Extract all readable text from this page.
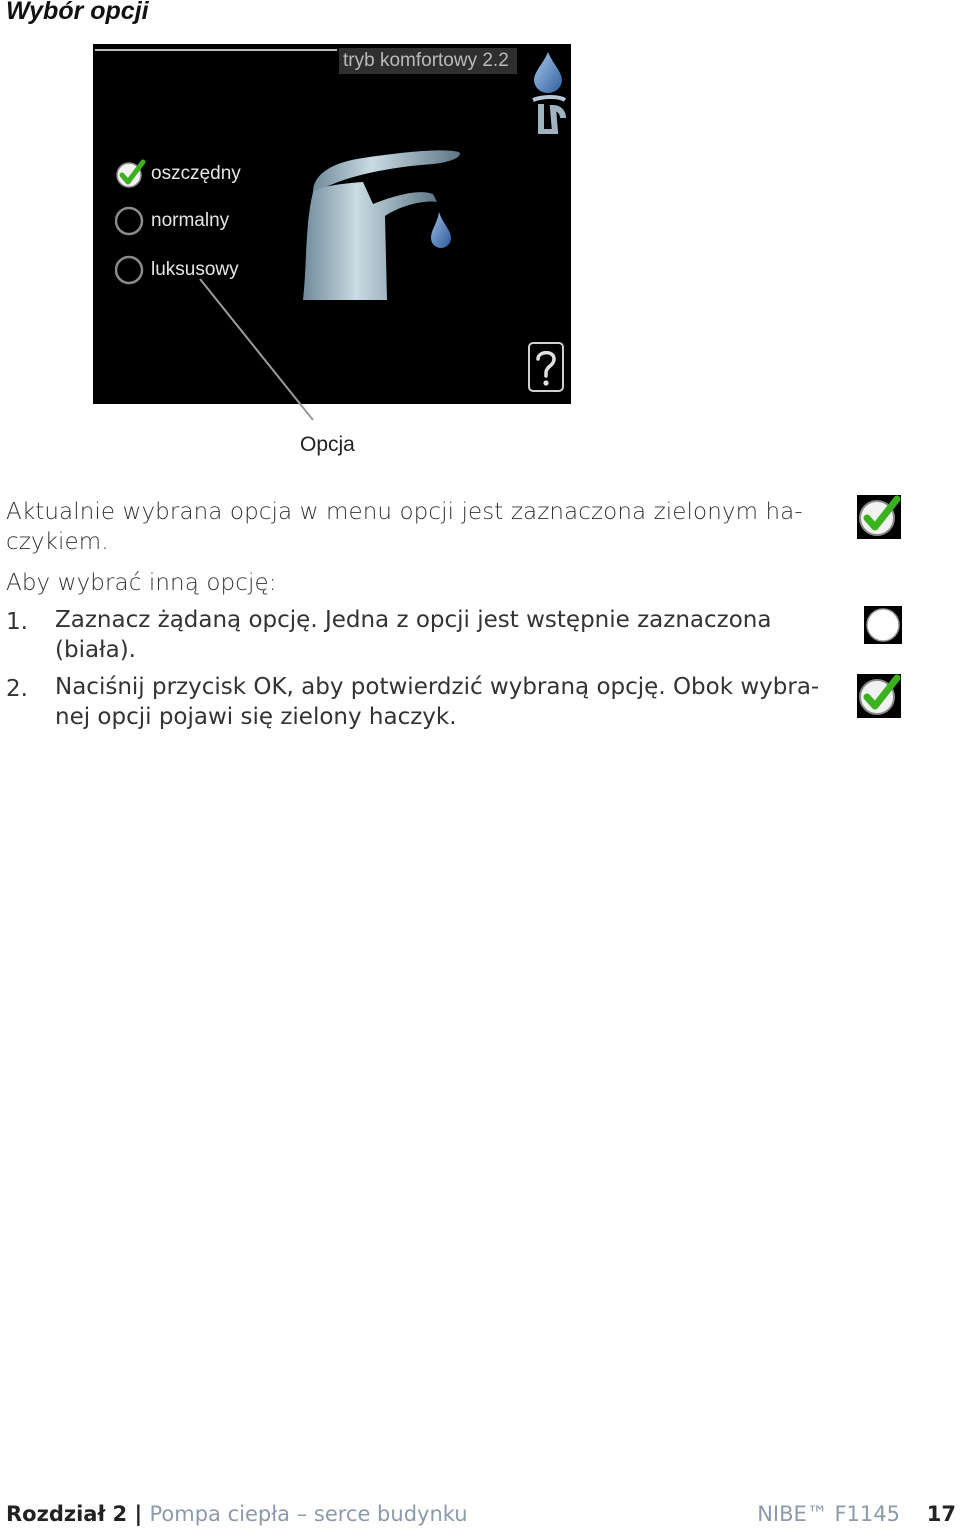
Wybór opcji
tryb komfortowy 2.2
oszczędny
normalny
luksusowy
Opcja
Aktualnie wybrana opcja w menu opcji jest zaznaczona zielonym ha-
czykiem.
Aby wybrać inną opcję:
1. Zaznacz żądaną opcję. Jedna z opcji jest wstępnie zaznaczona
(biała).
2. Naciśnij przycisk OK, aby potwierdzić wybraną opcję. Obok wybra-
nej opcji pojawi się zielony haczyk.
Rozdział 2 | Pompa ciepła – serce budynku	NIBE™ F1145 17
